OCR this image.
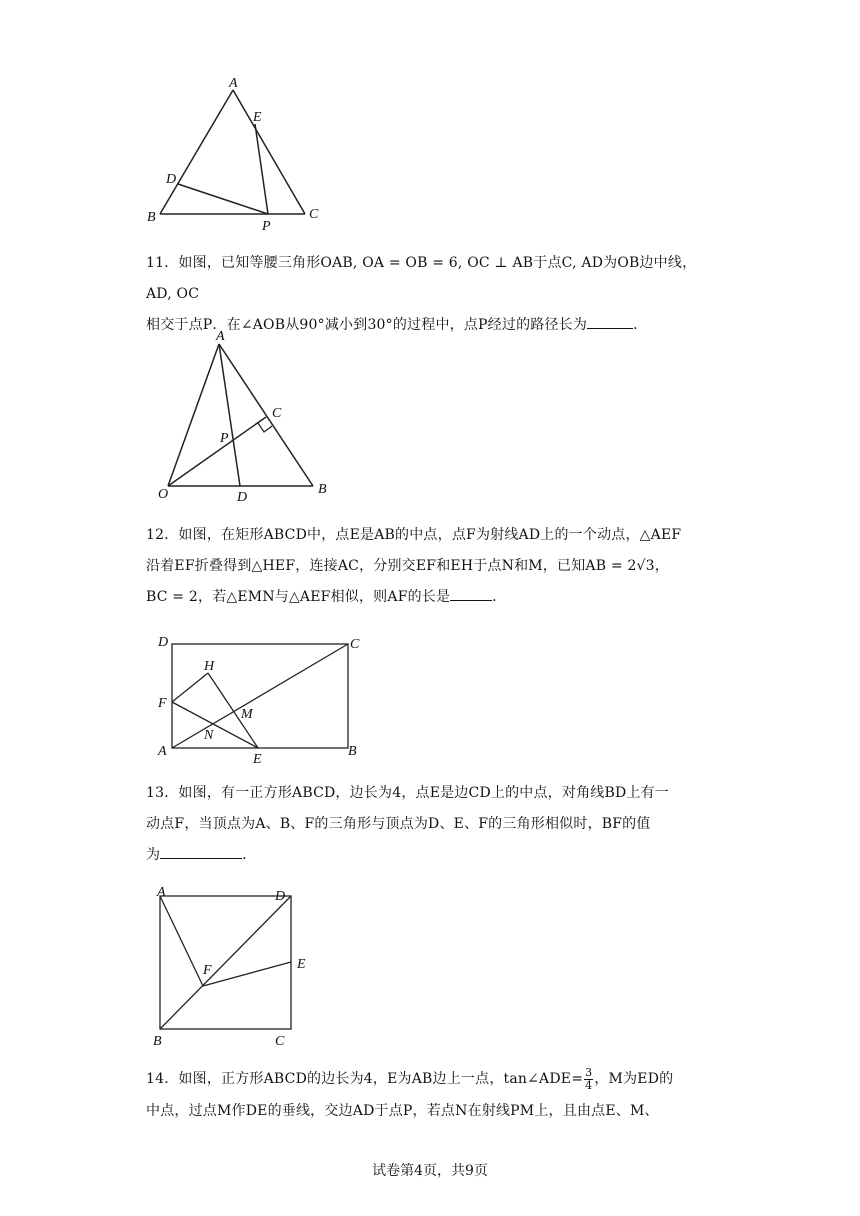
A
E
D
B	C
P

11．如图，已知等腰三角形OAB, OA = OB = 6, OC ⊥ AB于点C, AD为OB边中线，AD, OC

相交于点P．在∠AOB从90°减小到30°的过程中，点P经过的路径长为	．

A
C
P
O	D
B

12．如图，在矩形ABCD中，点E是AB的中点，点F为射线AD上的一个动点，△AEF

沿着EF折叠得到△HEF，连接AC，分别交EF和EH于点N和M，已知AB = 2√3，

BC = 2，若△EMN与△AEF相似，则AF的长是	．

D	C
H
F
M
N
A
E
B

13．如图，有一正方形ABCD，边长为4，点E是边CD上的中点，对角线BD上有一

动点F，当顶点为A、B、F的三角形与顶点为D、E、F的三角形相似时，BF的值

为	．

A	D
F	E
B	C

14．如图，正方形ABCD的边长为4，E为AB边上一点，tan∠ADE= $\frac{3}{4}$ ，M为ED的

中点，过点M作DE的垂线，交边AD于点P，若点N在射线PM上，且由点E、M、

试卷第4页，共9页
